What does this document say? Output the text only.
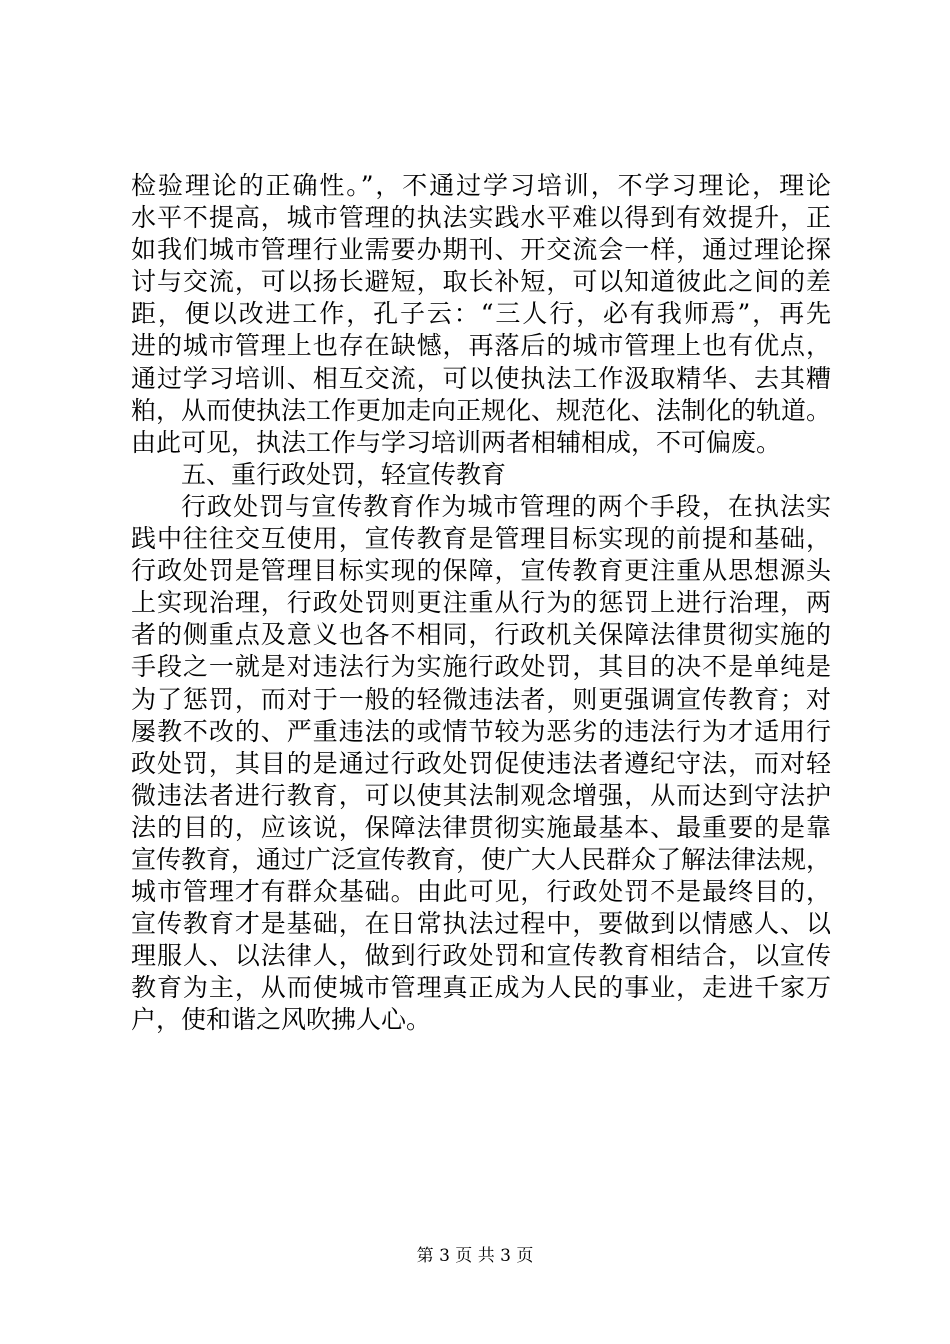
检验理论的正确性。”，不通过学习培训，不学习理论，理论
水平不提高，城市管理的执法实践水平难以得到有效提升，正
如我们城市管理行业需要办期刊、开交流会一样，通过理论探
讨与交流，可以扬长避短，取长补短，可以知道彼此之间的差
距，便以改进工作，孔子云：“三人行，必有我师焉”，再先
进的城市管理上也存在缺憾，再落后的城市管理上也有优点，
通过学习培训、相互交流，可以使执法工作汲取精华、去其糟
粕，从而使执法工作更加走向正规化、规范化、法制化的轨道。
由此可见，执法工作与学习培训两者相辅相成，不可偏废。
五、重行政处罚，轻宣传教育
行政处罚与宣传教育作为城市管理的两个手段，在执法实
践中往往交互使用，宣传教育是管理目标实现的前提和基础，
行政处罚是管理目标实现的保障，宣传教育更注重从思想源头
上实现治理，行政处罚则更注重从行为的惩罚上进行治理，两
者的侧重点及意义也各不相同，行政机关保障法律贯彻实施的
手段之一就是对违法行为实施行政处罚，其目的决不是单纯是
为了惩罚，而对于一般的轻微违法者，则更强调宣传教育；对
屡教不改的、严重违法的或情节较为恶劣的违法行为才适用行
政处罚，其目的是通过行政处罚促使违法者遵纪守法，而对轻
微违法者进行教育，可以使其法制观念增强，从而达到守法护
法的目的，应该说，保障法律贯彻实施最基本、最重要的是靠
宣传教育，通过广泛宣传教育，使广大人民群众了解法律法规，
城市管理才有群众基础。由此可见，行政处罚不是最终目的，
宣传教育才是基础，在日常执法过程中，要做到以情感人、以
理服人、以法律人，做到行政处罚和宣传教育相结合，以宣传
教育为主，从而使城市管理真正成为人民的事业，走进千家万
户，使和谐之风吹拂人心。
第 3 页 共 3 页
